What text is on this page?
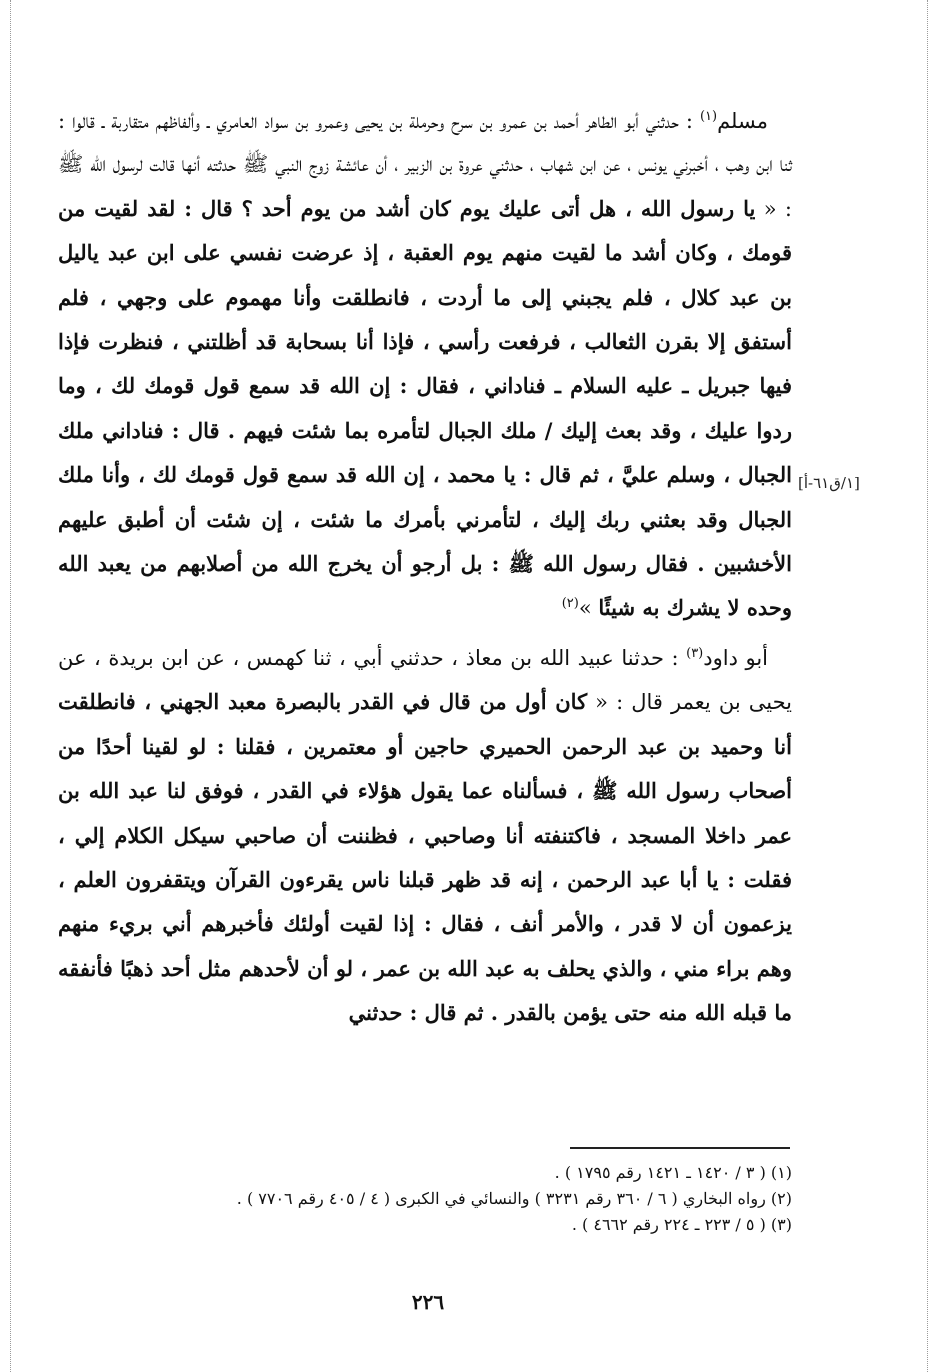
[١/ق٦١-أ]

مسلم$^{(١)}$ : حدثني أبو الطاهر أحمد بن عمرو بن سرح وحرملة بن يحيى وعمرو بن سواد العامري ـ وألفاظهم متقاربة ـ قالوا : ثنا ابن وهب ، أخبرني يونس ، عن ابن شهاب ، حدثني عروة بن الزبير ، أن عائشة زوج النبي ﷺ حدثته أنها قالت لرسول الله ﷺ : « يا رسول الله ، هل أتى عليك يوم كان أشد من يوم أحد ؟ قال : لقد لقيت من قومك ، وكان أشد ما لقيت منهم يوم العقبة ، إذ عرضت نفسي على ابن عبد ياليل بن عبد كلال ، فلم يجبني إلى ما أردت ، فانطلقت وأنا مهموم على وجهي ، فلم أستفق إلا بقرن الثعالب ، فرفعت رأسي ، فإذا أنا بسحابة قد أظلتني ، فنظرت فإذا فيها جبريل ـ عليه السلام ـ فناداني ، فقال : إن الله قد سمع قول قومك لك ، وما ردوا عليك ، وقد بعث إليك / ملك الجبال لتأمره بما شئت فيهم . قال : فناداني ملك الجبال ، وسلم عليَّ ، ثم قال : يا محمد ، إن الله قد سمع قول قومك لك ، وأنا ملك الجبال وقد بعثني ربك إليك ، لتأمرني بأمرك ما شئت ، إن شئت أن أطبق عليهم الأخشبين . فقال رسول الله ﷺ : بل أرجو أن يخرج الله من أصلابهم من يعبد الله وحده لا يشرك به شيئًا »$^{(٢)}$

أبو داود$^{(٣)}$ : حدثنا عبيد الله بن معاذ ، حدثني أبي ، ثنا كهمس ، عن ابن بريدة ، عن يحيى بن يعمر قال : « كان أول من قال في القدر بالبصرة معبد الجهني ، فانطلقت أنا وحميد بن عبد الرحمن الحميري حاجين أو معتمرين ، فقلنا : لو لقينا أحدًا من أصحاب رسول الله ﷺ ، فسألناه عما يقول هؤلاء في القدر ، فوفق لنا عبد الله بن عمر داخلا المسجد ، فاكتنفته أنا وصاحبي ، فظننت أن صاحبي سيكل الكلام إلي ، فقلت : يا أبا عبد الرحمن ، إنه قد ظهر قبلنا ناس يقرءون القرآن ويتقفرون العلم ، يزعمون أن لا قدر ، والأمر أنف ، فقال : إذا لقيت أولئك فأخبرهم أني بريء منهم وهم براء مني ، والذي يحلف به عبد الله بن عمر ، لو أن لأحدهم مثل أحد ذهبًا فأنفقه ما قبله الله منه حتى يؤمن بالقدر . ثم قال : حدثني

(١) ( ٣ / ١٤٢٠ ـ ١٤٢١ رقم ١٧٩٥ ) .
(٢) رواه البخاري ( ٦ / ٣٦٠ رقم ٣٢٣١ ) والنسائي في الكبرى ( ٤ / ٤٠٥ رقم ٧٧٠٦ ) .
(٣) ( ٥ / ٢٢٣ ـ ٢٢٤ رقم ٤٦٦٢ ) .
٢٢٦
